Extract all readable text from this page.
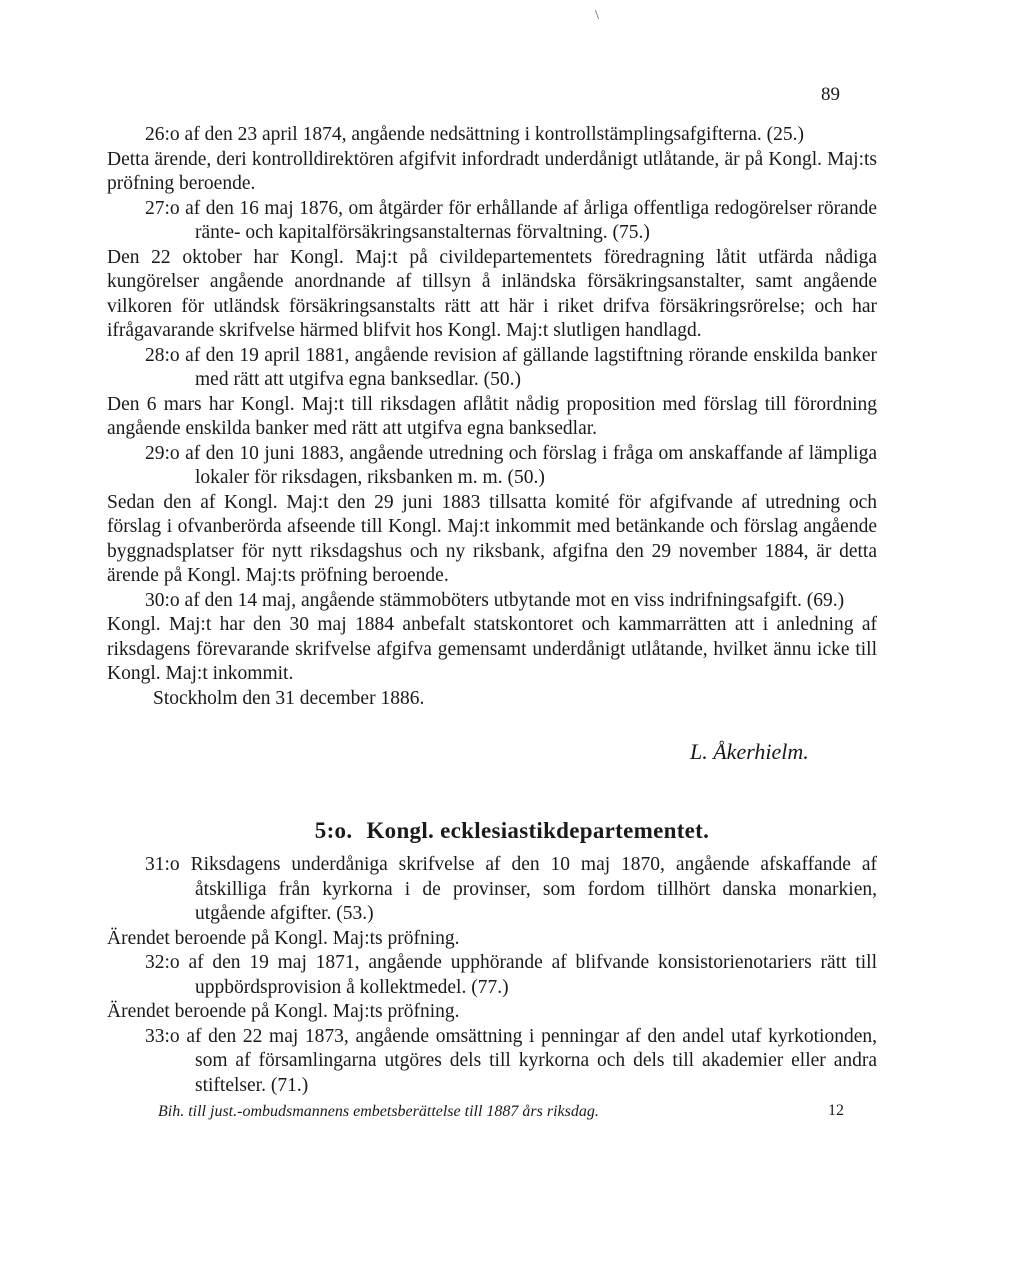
\
89

26:o af den 23 april 1874, angående nedsättning i kontrollstämplingsafgifterna. (25.)

Detta ärende, deri kontrolldirektören afgifvit infordradt underdånigt utlåtande, är på Kongl. Maj:ts pröfning beroende.

27:o af den 16 maj 1876, om åtgärder för erhållande af årliga offentliga redogörelser rörande ränte- och kapitalförsäkringsanstalternas förvaltning. (75.)

Den 22 oktober har Kongl. Maj:t på civildepartementets föredragning låtit utfärda nådiga kungörelser angående anordnande af tillsyn å inländska försäkringsanstalter, samt angående vilkoren för utländsk försäkringsanstalts rätt att här i riket drifva försäkringsrörelse; och har ifrågavarande skrifvelse härmed blifvit hos Kongl. Maj:t slutligen handlagd.

28:o af den 19 april 1881, angående revision af gällande lagstiftning rörande enskilda banker med rätt att utgifva egna banksedlar. (50.)

Den 6 mars har Kongl. Maj:t till riksdagen aflåtit nådig proposition med förslag till förordning angående enskilda banker med rätt att utgifva egna banksedlar.

29:o af den 10 juni 1883, angående utredning och förslag i fråga om anskaffande af lämpliga lokaler för riksdagen, riksbanken m. m. (50.)

Sedan den af Kongl. Maj:t den 29 juni 1883 tillsatta komité för afgifvande af utredning och förslag i ofvanberörda afseende till Kongl. Maj:t inkommit med betänkande och förslag angående byggnadsplatser för nytt riksdagshus och ny riksbank, afgifna den 29 november 1884, är detta ärende på Kongl. Maj:ts pröfning beroende.

30:o af den 14 maj, angående stämmoböters utbytande mot en viss indrifningsafgift. (69.)

Kongl. Maj:t har den 30 maj 1884 anbefalt statskontoret och kammarrätten att i anledning af riksdagens förevarande skrifvelse afgifva gemensamt underdånigt utlåtande, hvilket ännu icke till Kongl. Maj:t inkommit.

Stockholm den 31 december 1886.

L. Åkerhielm.
5:o. Kongl. ecklesiastikdepartementet.

31:o Riksdagens underdåniga skrifvelse af den 10 maj 1870, angående afskaffande af åtskilliga från kyrkorna i de provinser, som fordom tillhört danska monarkien, utgående afgifter. (53.)

Ärendet beroende på Kongl. Maj:ts pröfning.

32:o af den 19 maj 1871, angående upphörande af blifvande konsistorienotariers rätt till uppbördsprovision å kollektmedel. (77.)

Ärendet beroende på Kongl. Maj:ts pröfning.

33:o af den 22 maj 1873, angående omsättning i penningar af den andel utaf kyrkotionden, som af församlingarna utgöres dels till kyrkorna och dels till akademier eller andra stiftelser. (71.)

Bih. till just.-ombudsmannens embetsberättelse till 1887 års riksdag.	12
